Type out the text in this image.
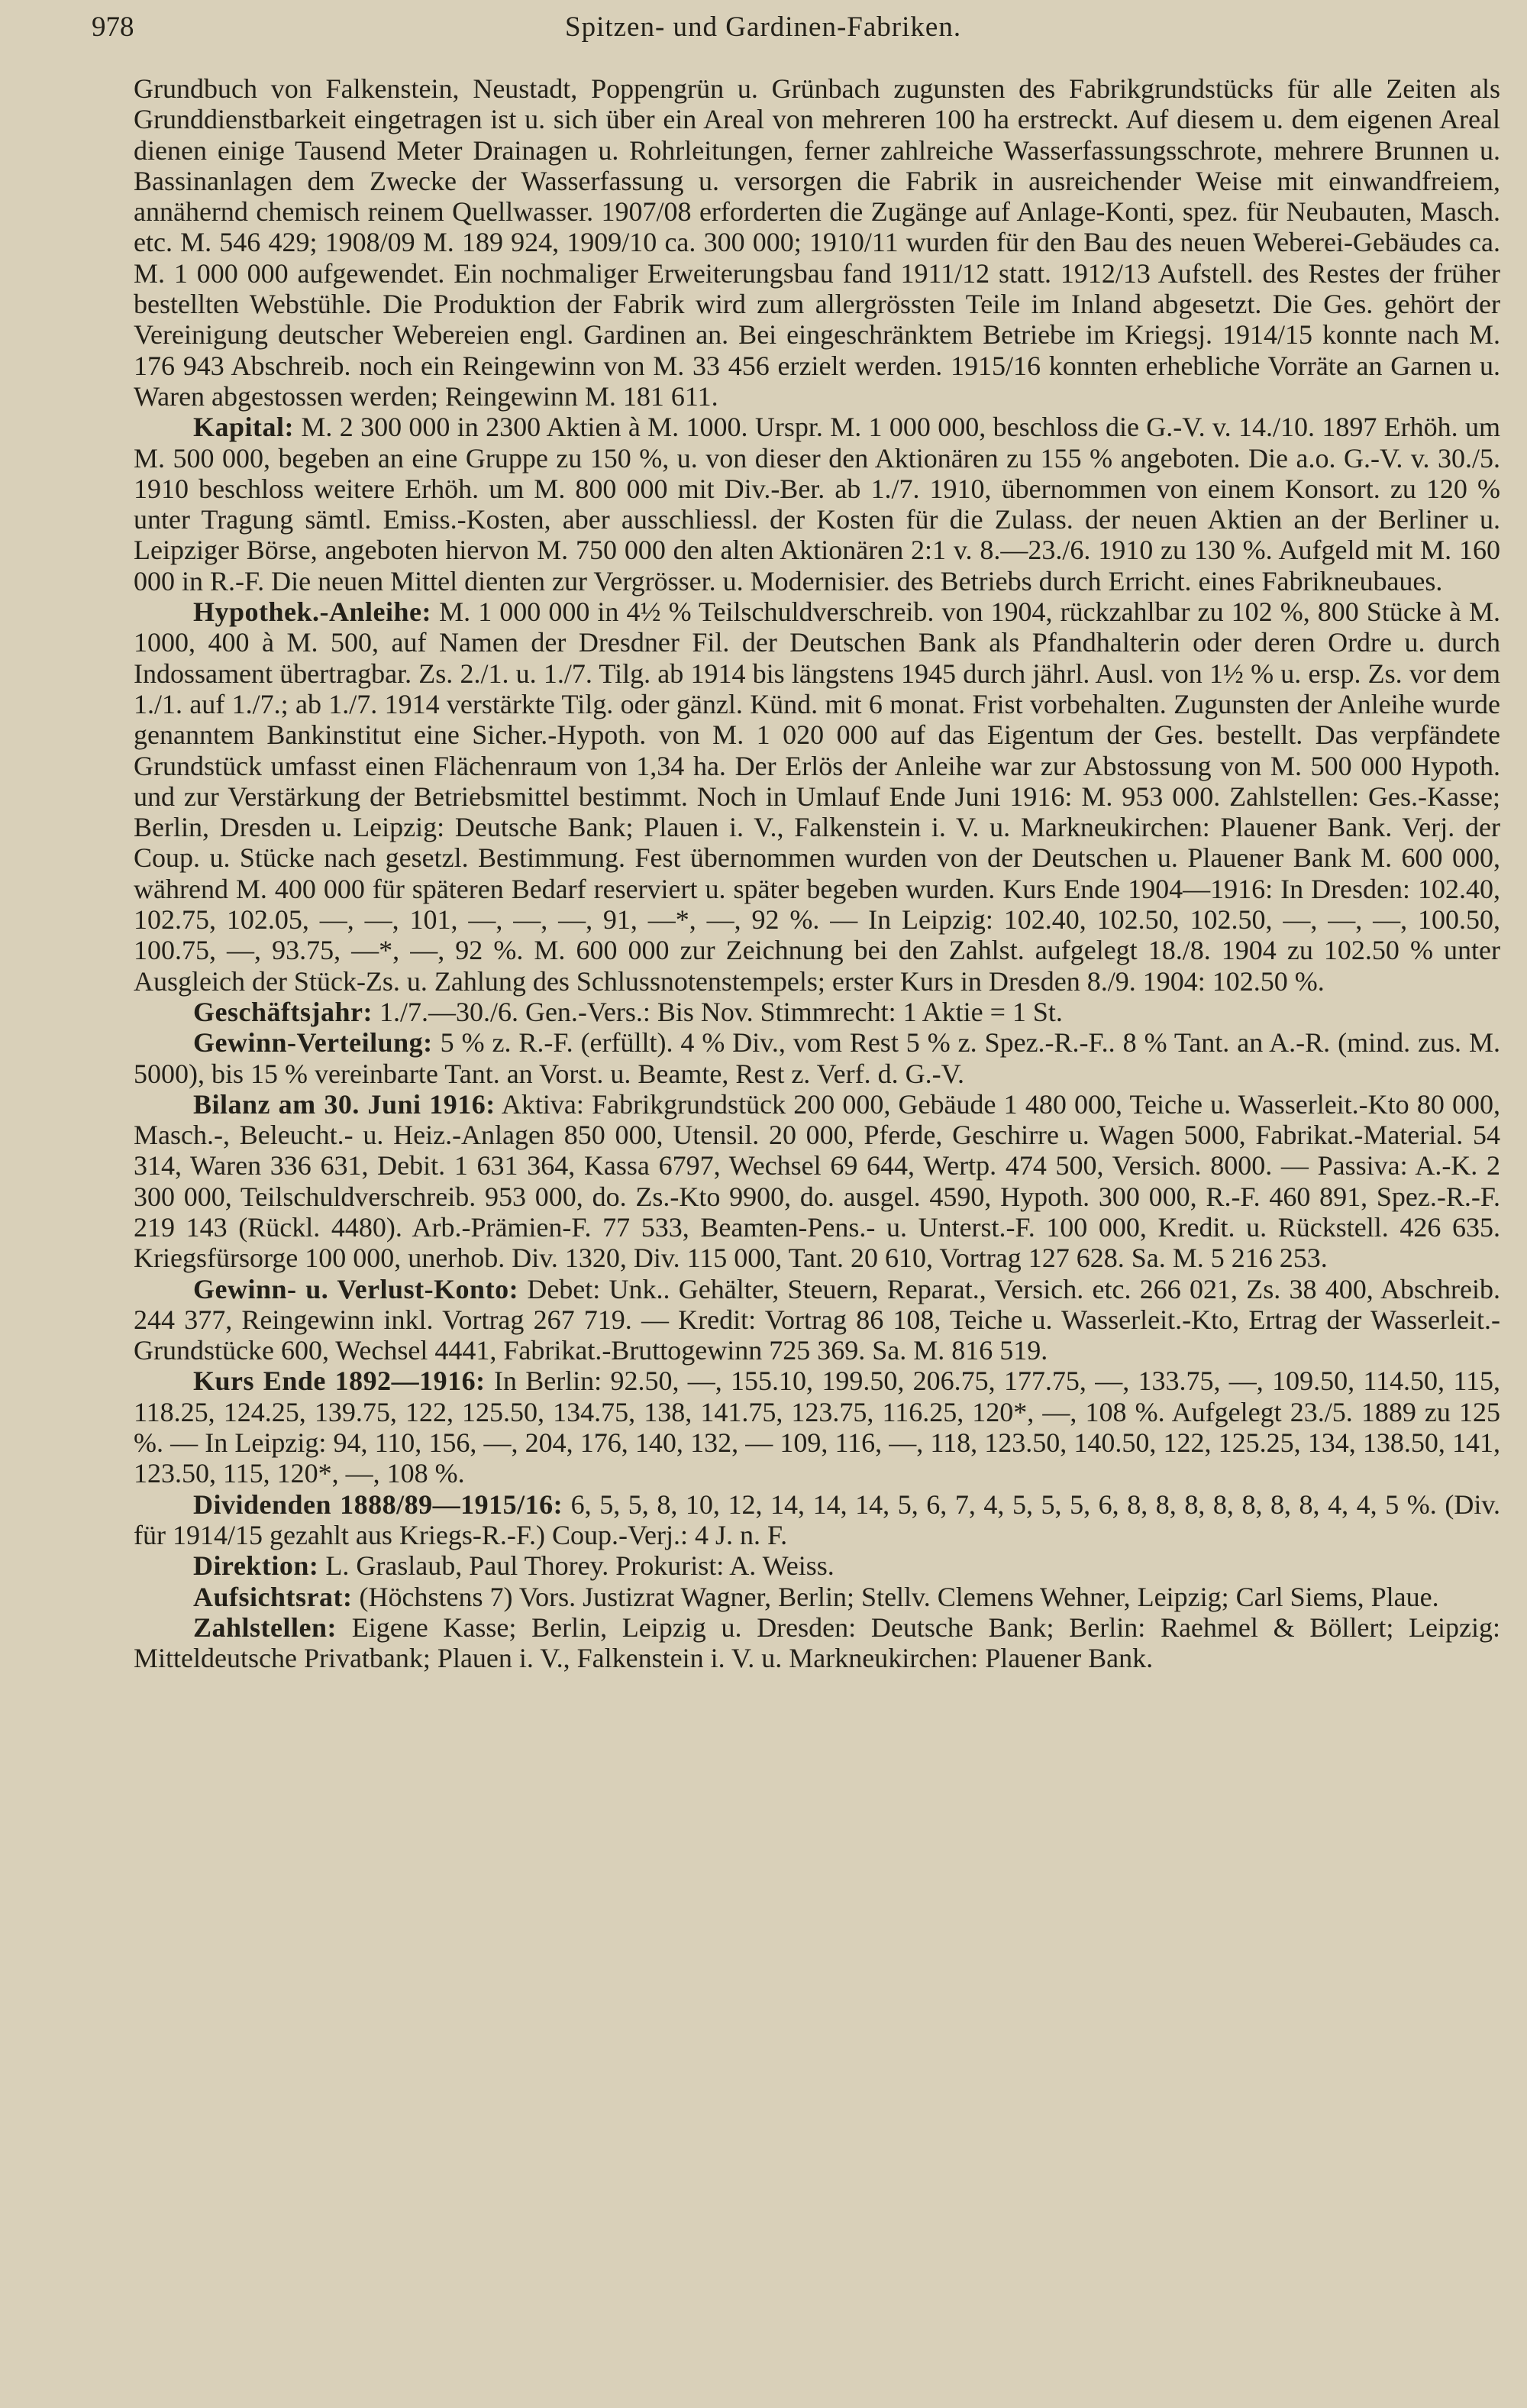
978	Spitzen- und Gardinen-Fabriken.

Grundbuch von Falkenstein, Neustadt, Poppengrün u. Grünbach zugunsten des Fabrikgrundstücks für alle Zeiten als Grunddienstbarkeit eingetragen ist u. sich über ein Areal von mehreren 100 ha erstreckt. Auf diesem u. dem eigenen Areal dienen einige Tausend Meter Drainagen u. Rohrleitungen, ferner zahlreiche Wasserfassungsschrote, mehrere Brunnen u. Bassinanlagen dem Zwecke der Wasserfassung u. versorgen die Fabrik in ausreichender Weise mit einwandfreiem, annähernd chemisch reinem Quellwasser. 1907/08 erforderten die Zugänge auf Anlage-Konti, spez. für Neubauten, Masch. etc. M. 546 429; 1908/09 M. 189 924, 1909/10 ca. 300 000; 1910/11 wurden für den Bau des neuen Weberei-Gebäudes ca. M. 1 000 000 aufgewendet. Ein nochmaliger Erweiterungsbau fand 1911/12 statt. 1912/13 Aufstell. des Restes der früher bestellten Webstühle. Die Produktion der Fabrik wird zum allergrössten Teile im Inland abgesetzt. Die Ges. gehört der Vereinigung deutscher Webereien engl. Gardinen an. Bei eingeschränktem Betriebe im Kriegsj. 1914/15 konnte nach M. 176 943 Abschreib. noch ein Reingewinn von M. 33 456 erzielt werden. 1915/16 konnten erhebliche Vorräte an Garnen u. Waren abgestossen werden; Reingewinn M. 181 611.

Kapital: M. 2 300 000 in 2300 Aktien à M. 1000. Urspr. M. 1 000 000, beschloss die G.-V. v. 14./10. 1897 Erhöh. um M. 500 000, begeben an eine Gruppe zu 150 %, u. von dieser den Aktionären zu 155 % angeboten. Die a.o. G.-V. v. 30./5. 1910 beschloss weitere Erhöh. um M. 800 000 mit Div.-Ber. ab 1./7. 1910, übernommen von einem Konsort. zu 120 % unter Tragung sämtl. Emiss.-Kosten, aber ausschliessl. der Kosten für die Zulass. der neuen Aktien an der Berliner u. Leipziger Börse, angeboten hiervon M. 750 000 den alten Aktionären 2:1 v. 8.—23./6. 1910 zu 130 %. Aufgeld mit M. 160 000 in R.-F. Die neuen Mittel dienten zur Vergrösser. u. Modernisier. des Betriebs durch Erricht. eines Fabrikneubaues.

Hypothek.-Anleihe: M. 1 000 000 in 4½ % Teilschuldverschreib. von 1904, rückzahlbar zu 102 %, 800 Stücke à M. 1000, 400 à M. 500, auf Namen der Dresdner Fil. der Deutschen Bank als Pfandhalterin oder deren Ordre u. durch Indossament übertragbar. Zs. 2./1. u. 1./7. Tilg. ab 1914 bis längstens 1945 durch jährl. Ausl. von 1½ % u. ersp. Zs. vor dem 1./1. auf 1./7.; ab 1./7. 1914 verstärkte Tilg. oder gänzl. Künd. mit 6 monat. Frist vorbehalten. Zugunsten der Anleihe wurde genanntem Bankinstitut eine Sicher.-Hypoth. von M. 1 020 000 auf das Eigentum der Ges. bestellt. Das verpfändete Grundstück umfasst einen Flächenraum von 1,34 ha. Der Erlös der Anleihe war zur Abstossung von M. 500 000 Hypoth. und zur Verstärkung der Betriebsmittel bestimmt. Noch in Umlauf Ende Juni 1916: M. 953 000. Zahlstellen: Ges.-Kasse; Berlin, Dresden u. Leipzig: Deutsche Bank; Plauen i. V., Falkenstein i. V. u. Markneukirchen: Plauener Bank. Verj. der Coup. u. Stücke nach gesetzl. Bestimmung. Fest übernommen wurden von der Deutschen u. Plauener Bank M. 600 000, während M. 400 000 für späteren Bedarf reserviert u. später begeben wurden. Kurs Ende 1904—1916: In Dresden: 102.40, 102.75, 102.05, —, —, 101, —, —, —, 91, —*, —, 92 %. — In Leipzig: 102.40, 102.50, 102.50, —, —, —, 100.50, 100.75, —, 93.75, —*, —, 92 %. M. 600 000 zur Zeichnung bei den Zahlst. aufgelegt 18./8. 1904 zu 102.50 % unter Ausgleich der Stück-Zs. u. Zahlung des Schlussnotenstempels; erster Kurs in Dresden 8./9. 1904: 102.50 %.

Geschäftsjahr: 1./7.—30./6. Gen.-Vers.: Bis Nov. Stimmrecht: 1 Aktie = 1 St.

Gewinn-Verteilung: 5 % z. R.-F. (erfüllt). 4 % Div., vom Rest 5 % z. Spez.-R.-F.. 8 % Tant. an A.-R. (mind. zus. M. 5000), bis 15 % vereinbarte Tant. an Vorst. u. Beamte, Rest z. Verf. d. G.-V.

Bilanz am 30. Juni 1916: Aktiva: Fabrikgrundstück 200 000, Gebäude 1 480 000, Teiche u. Wasserleit.-Kto 80 000, Masch.-, Beleucht.- u. Heiz.-Anlagen 850 000, Utensil. 20 000, Pferde, Geschirre u. Wagen 5000, Fabrikat.-Material. 54 314, Waren 336 631, Debit. 1 631 364, Kassa 6797, Wechsel 69 644, Wertp. 474 500, Versich. 8000. — Passiva: A.-K. 2 300 000, Teilschuldverschreib. 953 000, do. Zs.-Kto 9900, do. ausgel. 4590, Hypoth. 300 000, R.-F. 460 891, Spez.-R.-F. 219 143 (Rückl. 4480). Arb.-Prämien-F. 77 533, Beamten-Pens.- u. Unterst.-F. 100 000, Kredit. u. Rückstell. 426 635. Kriegsfürsorge 100 000, unerhob. Div. 1320, Div. 115 000, Tant. 20 610, Vortrag 127 628. Sa. M. 5 216 253.

Gewinn- u. Verlust-Konto: Debet: Unk.. Gehälter, Steuern, Reparat., Versich. etc. 266 021, Zs. 38 400, Abschreib. 244 377, Reingewinn inkl. Vortrag 267 719. — Kredit: Vortrag 86 108, Teiche u. Wasserleit.-Kto, Ertrag der Wasserleit.-Grundstücke 600, Wechsel 4441, Fabrikat.-Bruttogewinn 725 369. Sa. M. 816 519.

Kurs Ende 1892—1916: In Berlin: 92.50, —, 155.10, 199.50, 206.75, 177.75, —, 133.75, —, 109.50, 114.50, 115, 118.25, 124.25, 139.75, 122, 125.50, 134.75, 138, 141.75, 123.75, 116.25, 120*, —, 108 %. Aufgelegt 23./5. 1889 zu 125 %. — In Leipzig: 94, 110, 156, —, 204, 176, 140, 132, — 109, 116, —, 118, 123.50, 140.50, 122, 125.25, 134, 138.50, 141, 123.50, 115, 120*, —, 108 %.

Dividenden 1888/89—1915/16: 6, 5, 5, 8, 10, 12, 14, 14, 14, 5, 6, 7, 4, 5, 5, 5, 6, 8, 8, 8, 8, 8, 8, 8, 4, 4, 5 %. (Div. für 1914/15 gezahlt aus Kriegs-R.-F.) Coup.-Verj.: 4 J. n. F.

Direktion: L. Graslaub, Paul Thorey. Prokurist: A. Weiss.

Aufsichtsrat: (Höchstens 7) Vors. Justizrat Wagner, Berlin; Stellv. Clemens Wehner, Leipzig; Carl Siems, Plaue.

Zahlstellen: Eigene Kasse; Berlin, Leipzig u. Dresden: Deutsche Bank; Berlin: Raehmel & Böllert; Leipzig: Mitteldeutsche Privatbank; Plauen i. V., Falkenstein i. V. u. Markneukirchen: Plauener Bank.
